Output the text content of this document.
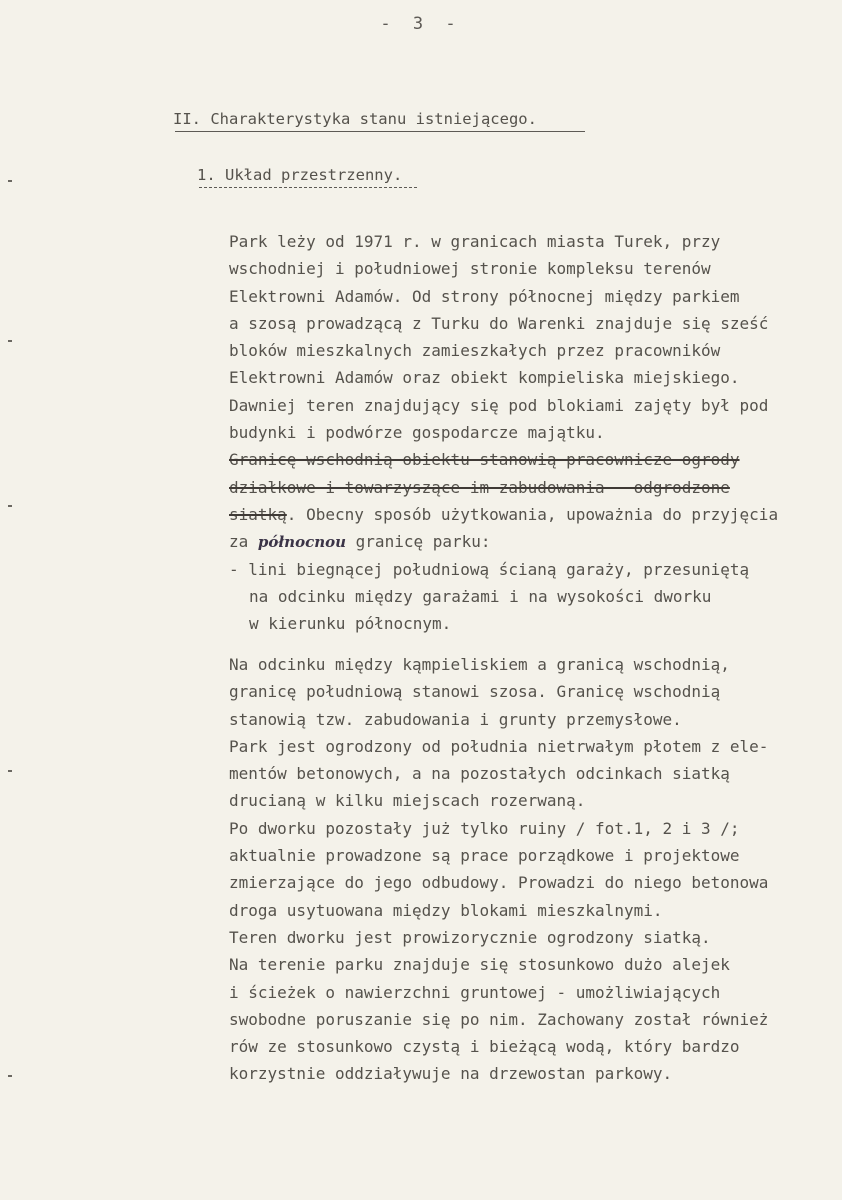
- 3 -
II. Charakterystyka stanu istniejącego.
1. Układ przestrzenny.
Park leży od 1971 r. w granicach miasta Turek, przy
wschodniej i południowej stronie kompleksu terenów
Elektrowni Adamów. Od strony północnej między parkiem
a szosą prowadzącą z Turku do Warenki znajduje się sześć
bloków mieszkalnych zamieszkałych przez pracowników
Elektrowni Adamów oraz obiekt kompieliska miejskiego.
Dawniej teren znajdujący się pod blokiami zajęty był pod
budynki i podwórze gospodarcze majątku.
Granicę wschodnią obiektu stanowią pracownicze ogrody
działkowe i towarzyszące im zabudowania - odgrodzone
siatką. Obecny sposób użytkowania, upoważnia do przyjęcia
za północnou granicę parku:
- lini biegnącej południową ścianą garaży, przesuniętą
na odcinku między garażami i na wysokości dworku
w kierunku północnym.
Na odcinku między kąmpieliskiem a granicą wschodnią,
granicę południową stanowi szosa. Granicę wschodnią
stanowią tzw. zabudowania i grunty przemysłowe.
Park jest ogrodzony od południa nietrwałym płotem z ele-
mentów betonowych, a na pozostałych odcinkach siatką
drucianą w kilku miejscach rozerwaną.
Po dworku pozostały już tylko ruiny / fot.1, 2 i 3 /;
aktualnie prowadzone są prace porządkowe i projektowe
zmierzające do jego odbudowy. Prowadzi do niego betonowa
droga usytuowana między blokami mieszkalnymi.
Teren dworku jest prowizorycznie ogrodzony siatką.
Na terenie parku znajduje się stosunkowo dużo alejek
i ścieżek o nawierzchni gruntowej - umożliwiających
swobodne poruszanie się po nim. Zachowany został również
rów ze stosunkowo czystą i bieżącą wodą, który bardzo
korzystnie oddziaływuje na drzewostan parkowy.
